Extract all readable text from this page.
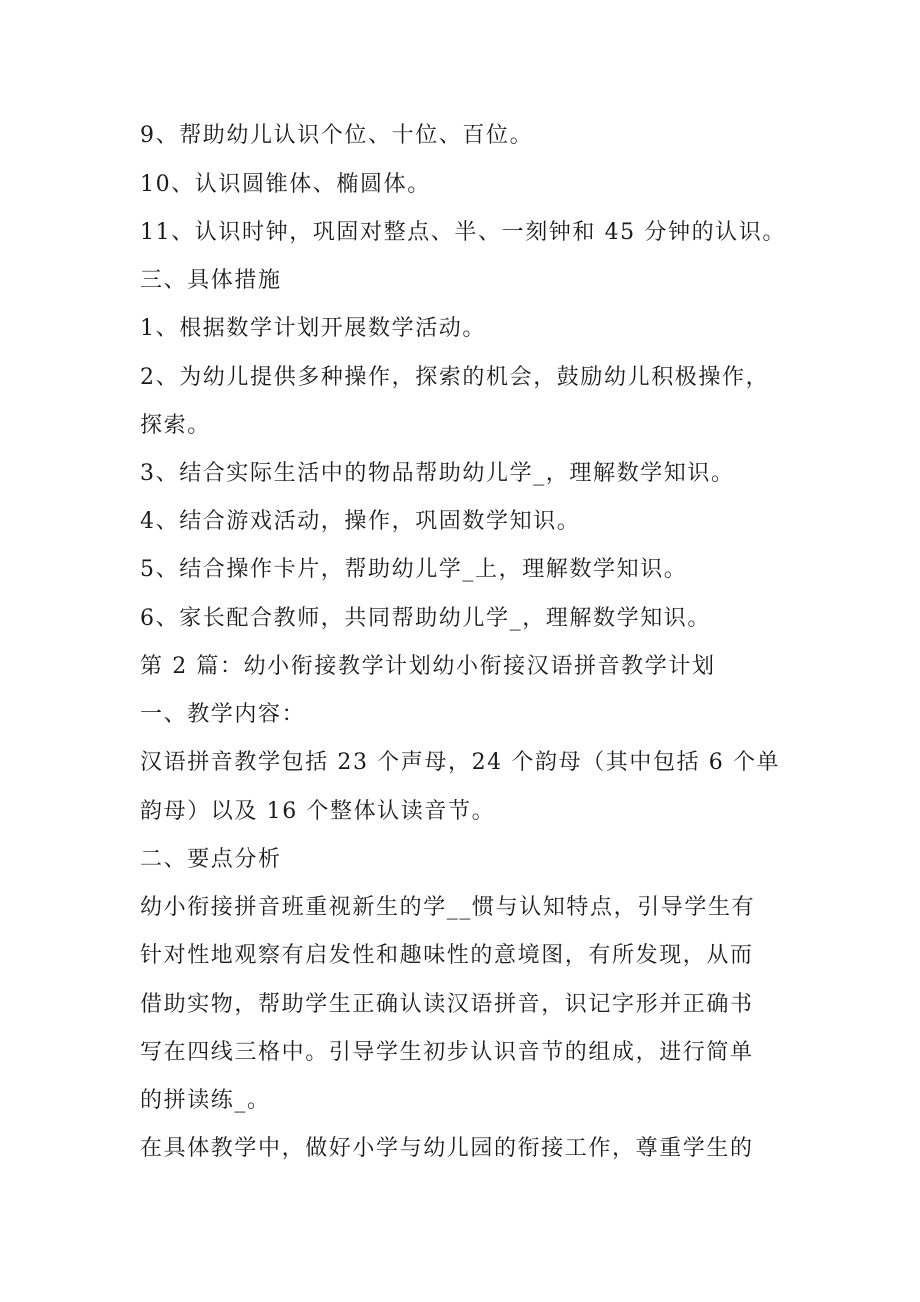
9、帮助幼儿认识个位、十位、百位。
10、认识圆锥体、椭圆体。
11、认识时钟，巩固对整点、半、一刻钟和 45 分钟的认识。
三、具体措施
1、根据数学计划开展数学活动。
2、为幼儿提供多种操作，探索的机会，鼓励幼儿积极操作，
探索。
3、结合实际生活中的物品帮助幼儿学_，理解数学知识。
4、结合游戏活动，操作，巩固数学知识。
5、结合操作卡片，帮助幼儿学_上，理解数学知识。
6、家长配合教师，共同帮助幼儿学_，理解数学知识。
第 2 篇：幼小衔接教学计划幼小衔接汉语拼音教学计划
一、教学内容：
汉语拼音教学包括 23 个声母，24 个韵母（其中包括 6 个单
韵母）以及 16 个整体认读音节。
二、要点分析
幼小衔接拼音班重视新生的学__惯与认知特点，引导学生有
针对性地观察有启发性和趣味性的意境图，有所发现，从而
借助实物，帮助学生正确认读汉语拼音，识记字形并正确书
写在四线三格中。引导学生初步认识音节的组成，进行简单
的拼读练_。
在具体教学中，做好小学与幼儿园的衔接工作，尊重学生的
